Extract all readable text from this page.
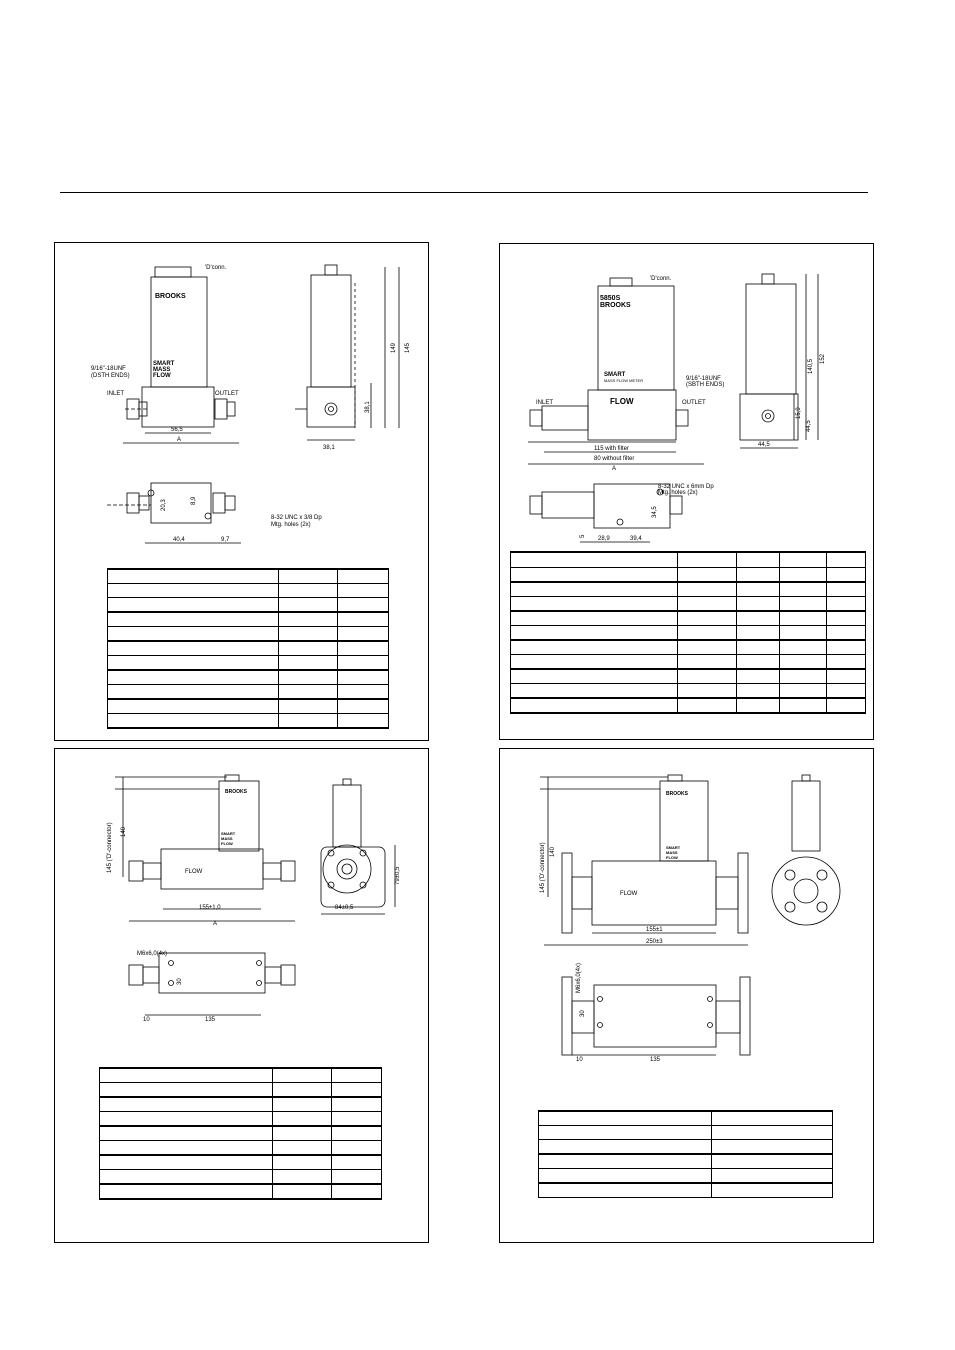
BROOKS
'D'conn.
9/16"-18UNF
(DSTH ENDS)
SMART
MASS
FLOW
INLET	OUTLET
56,5
A
38,1
8-32 UNC x 3/8 Dp
Mtg. holes (2x)
40,4	9,7
149 145
38,1
20,3	8,9

'D'conn.
5850S
BROOKS
SMART
MASS FLOW METER
FLOW
INLET	OUTLET
9/16"-18UNF
(SBTH ENDS)
115 with filter
80 without filter
A
44,5
8-32 UNC x 6mm Dp
Mtg. holes (2x)
28,9	39,4
140,5 152
15,9
44,5
34,5
5

BROOKS
SMART
MASS
FLOW
FLOW
155±1,0
A
84±0,5
M6x6,0(4x)
10	135
145 ('D'-connector) 140
79±0,5
30

BROOKS
SMART
MASS
FLOW
FLOW
155±1
250±3
10	135
145 ('D'-connector) 140
M6x6,0(4x)
30
